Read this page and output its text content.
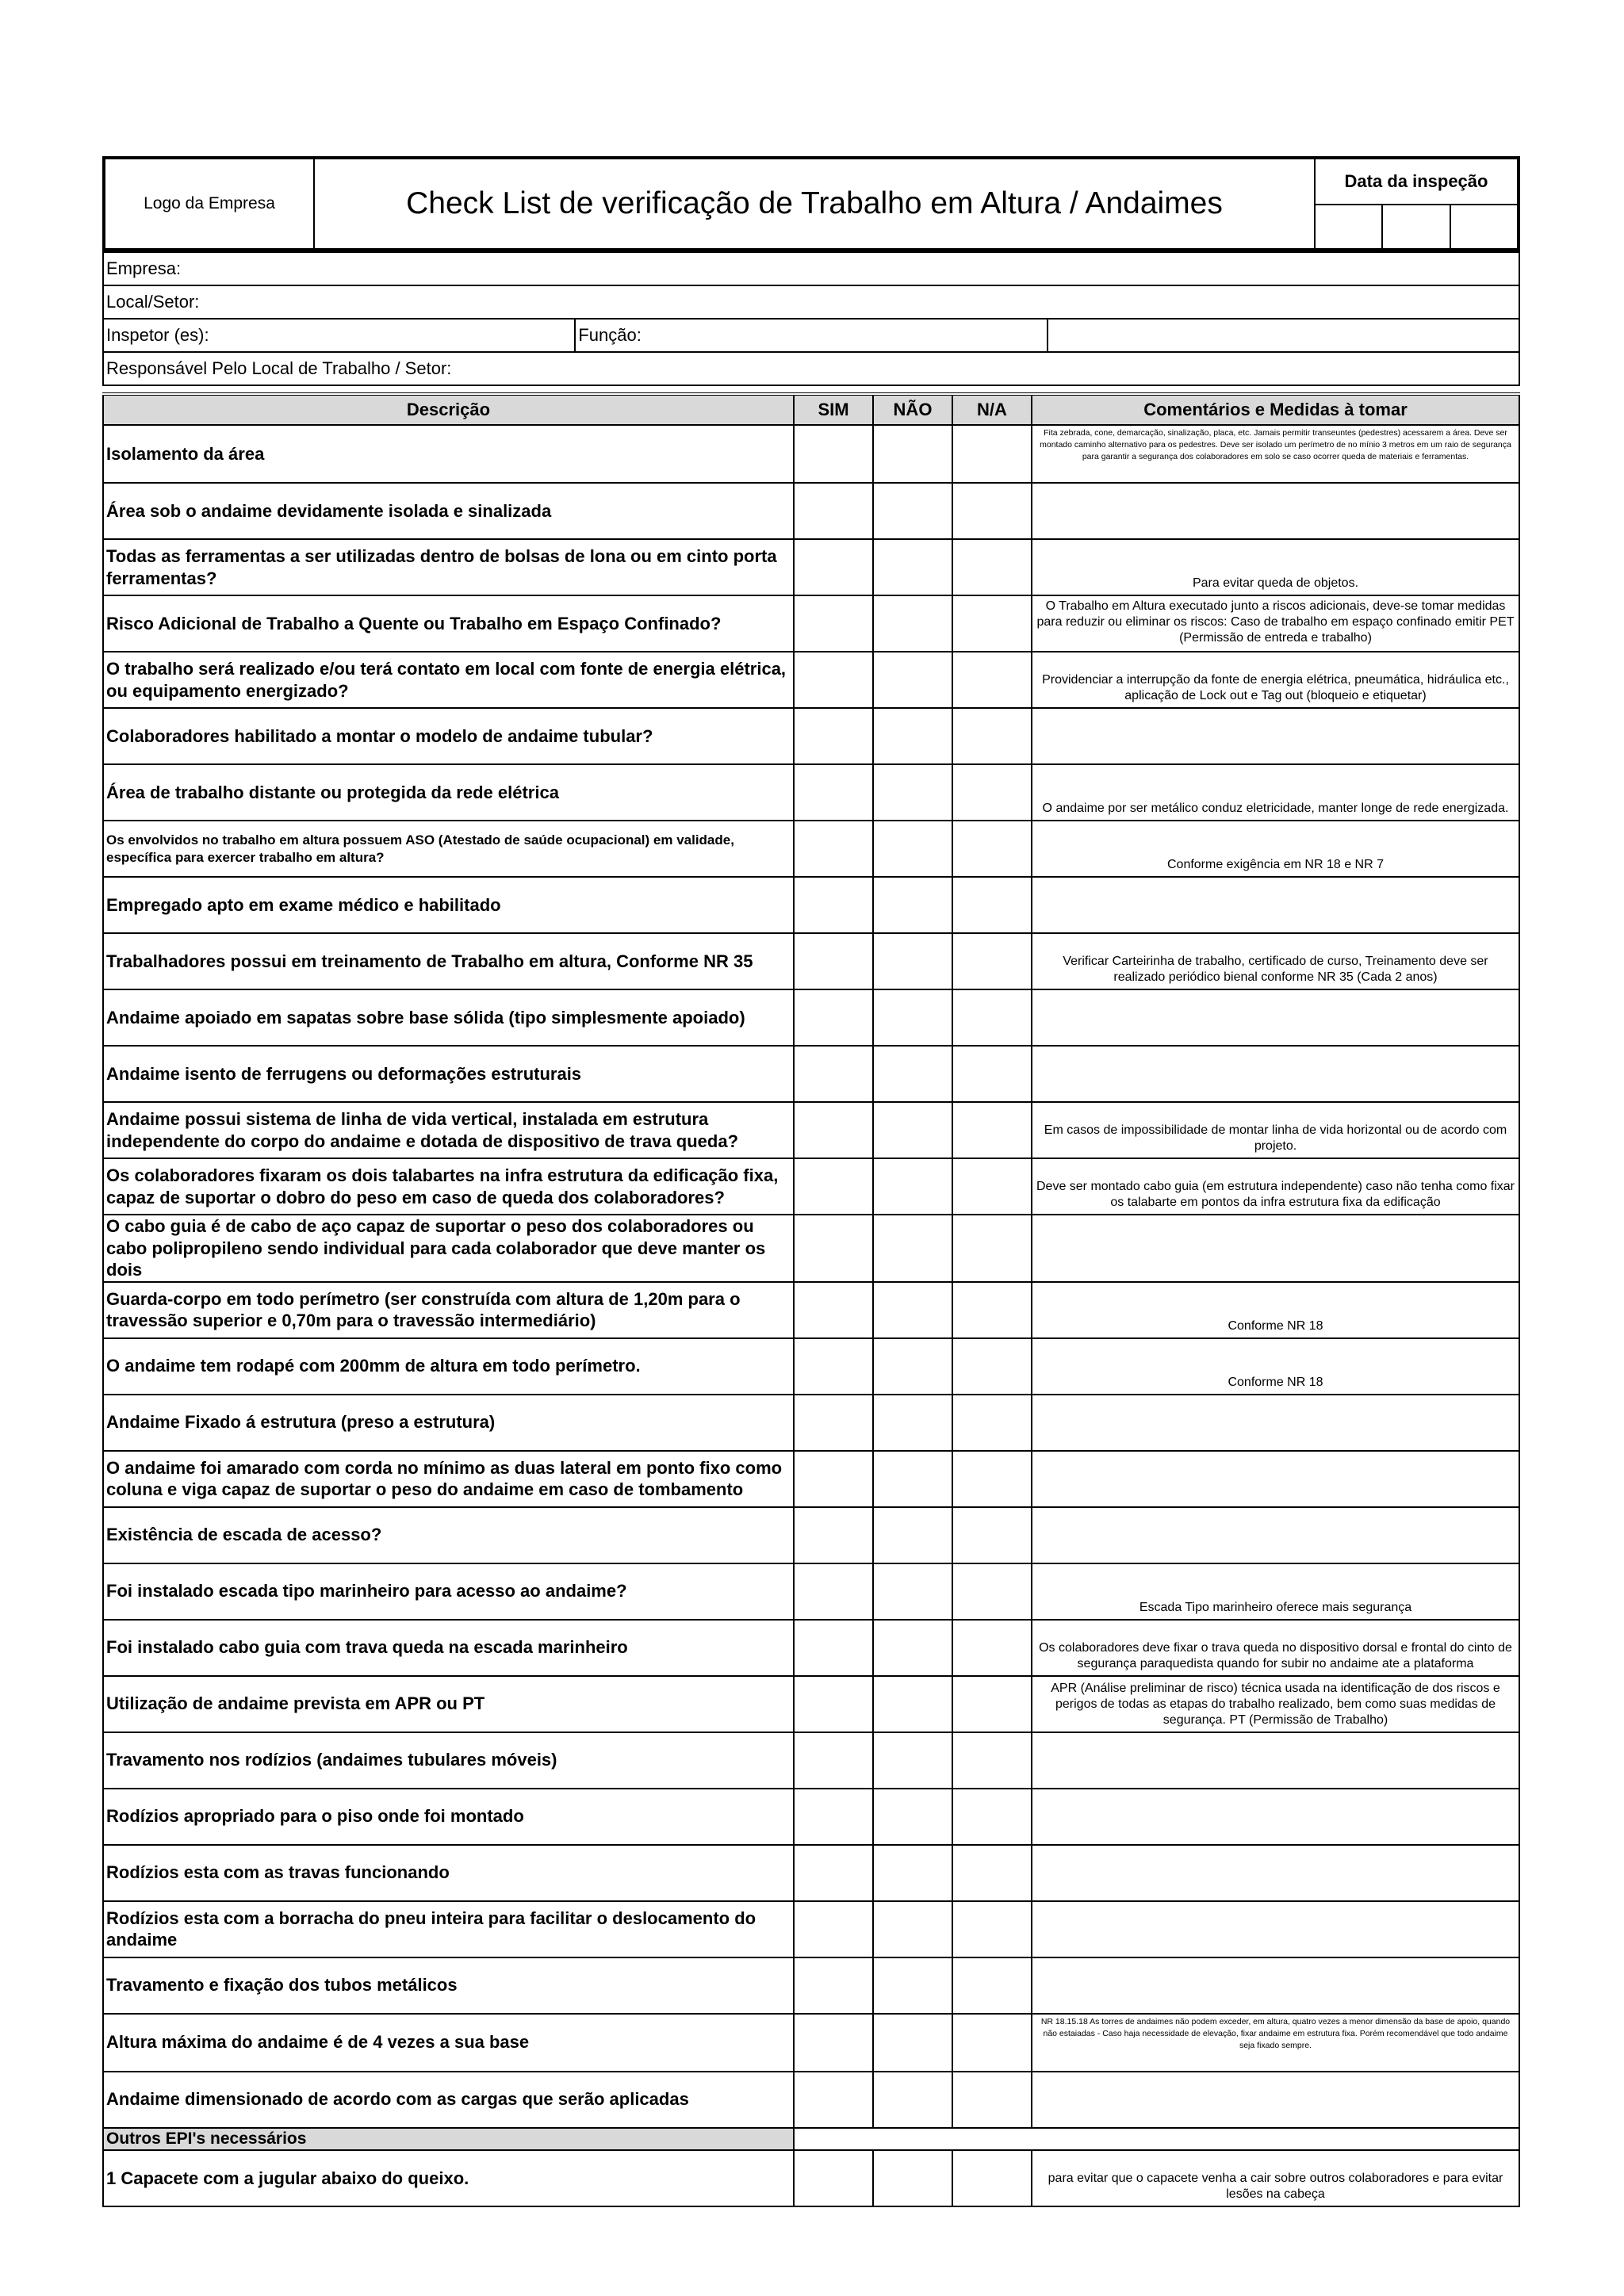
Logo da Empresa	Check List de verificação de Trabalho em Altura / Andaimes	
Data da inspeção
Empresa:
Local/Setor:
Inspetor (es):	Função:	
Responsável Pelo Local de Trabalho / Setor:
Descrição	SIM	NÃO	N/A	Comentários e Medidas à tomar
Isolamento da área				Fita zebrada, cone, demarcação, sinalização, placa, etc. Jamais permitir transeuntes (pedestres) acessarem a área. Deve ser montado caminho alternativo para os pedestres. Deve ser isolado um perímetro de no mínio 3 metros em um raio de segurança para garantir a segurança dos colaboradores em solo se caso ocorrer queda de materiais e ferramentas.
Área sob o andaime devidamente isolada e sinalizada				
Todas as ferramentas a ser utilizadas dentro de bolsas de lona ou em cinto porta ferramentas?				Para evitar queda de objetos.
Risco Adicional de Trabalho a Quente ou Trabalho em Espaço Confinado?				O Trabalho em Altura executado junto a riscos adicionais, deve-se tomar medidas para reduzir ou eliminar os riscos: Caso de trabalho em espaço confinado emitir PET (Permissão de entreda e trabalho)
O trabalho será realizado e/ou terá contato em local com fonte de energia elétrica, ou equipamento energizado?				Providenciar a interrupção da fonte de energia elétrica, pneumática, hidráulica etc., aplicação de Lock out e Tag out (bloqueio e etiquetar)
Colaboradores habilitado a montar o modelo de andaime tubular?				
Área de trabalho distante ou protegida da rede elétrica				O andaime por ser metálico conduz eletricidade, manter longe de rede energizada.
Os envolvidos no trabalho em altura possuem ASO (Atestado de saúde ocupacional) em validade, específica para exercer trabalho em altura?				Conforme exigência em NR 18 e NR 7
Empregado apto em exame médico e habilitado				
Trabalhadores possui em treinamento de Trabalho em altura, Conforme NR 35				Verificar Carteirinha de trabalho, certificado de curso, Treinamento deve ser realizado periódico bienal conforme NR 35 (Cada 2 anos)
Andaime apoiado em sapatas sobre base sólida (tipo simplesmente apoiado)				
Andaime isento de ferrugens ou deformações estruturais				
Andaime possui sistema de linha de vida vertical, instalada em estrutura independente do corpo do andaime e dotada de dispositivo de trava queda?				Em casos de impossibilidade de montar linha de vida horizontal ou de acordo com projeto.
Os colaboradores fixaram os dois talabartes na infra estrutura da edificação fixa, capaz de suportar o dobro do peso em caso de queda dos colaboradores?				Deve ser montado cabo guia (em estrutura independente) caso não tenha como fixar os talabarte em pontos da infra estrutura fixa da edificação
O cabo guia é de cabo de aço capaz de suportar o peso dos colaboradores ou cabo polipropileno sendo individual para cada colaborador que deve manter os dois				
Guarda-corpo em todo perímetro (ser construída com altura de 1,20m para o travessão superior e 0,70m para o travessão intermediário)				Conforme NR 18
O andaime tem rodapé com 200mm de altura em todo perímetro.				Conforme NR 18
Andaime Fixado á estrutura (preso a estrutura)				
O andaime foi amarado com corda no mínimo as duas lateral em ponto fixo como coluna e viga capaz de suportar o peso do andaime em caso de tombamento				
Existência de escada de acesso?				
Foi instalado escada tipo marinheiro para acesso ao andaime?				Escada Tipo marinheiro oferece mais segurança
Foi instalado cabo guia com trava queda na escada marinheiro				Os colaboradores deve fixar o trava queda no dispositivo dorsal e frontal do cinto de segurança paraquedista quando for subir no andaime ate a plataforma
Utilização de andaime prevista em APR ou PT				APR (Análise preliminar de risco) técnica usada na identificação de dos riscos e perigos de todas as etapas do trabalho realizado, bem como suas medidas de segurança. PT (Permissão de Trabalho)
Travamento nos rodízios (andaimes tubulares móveis)				
Rodízios apropriado para o piso onde foi montado				
Rodízios esta com as travas funcionando				
Rodízios esta com a borracha do pneu inteira para facilitar o deslocamento do andaime				
Travamento e fixação dos tubos metálicos				
Altura máxima do andaime é de 4 vezes a sua base				NR 18.15.18 As torres de andaimes não podem exceder, em altura, quatro vezes a menor dimensão da base de apoio, quando não estaiadas - Caso haja necessidade de elevação, fixar andaime em estrutura fixa. Porém recomendável que todo andaime seja fixado sempre.
Andaime dimensionado de acordo com as cargas que serão aplicadas				
Outros EPI's necessários				
1 Capacete com a jugular abaixo do queixo.				para evitar que o capacete venha a cair sobre outros colaboradores e para evitar lesões na cabeça
